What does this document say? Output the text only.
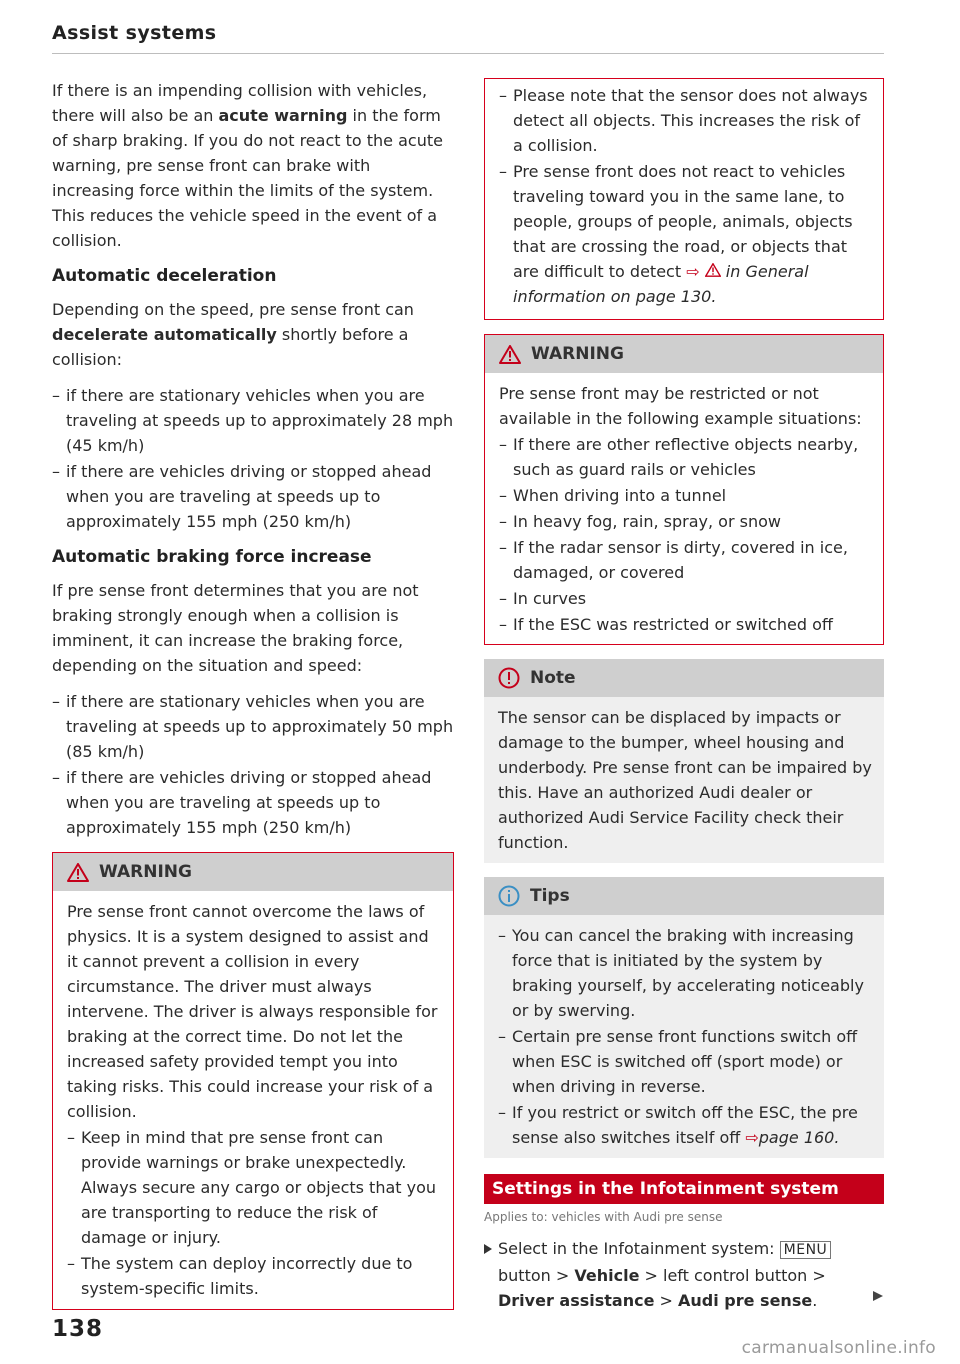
Assist systems

If there is an impending collision with vehicles, there will also be an acute warning in the form of sharp braking. If you do not react to the acute warning, pre sense front can brake with increasing force within the limits of the system. This reduces the vehicle speed in the event of a collision.

Automatic deceleration

Depending on the speed, pre sense front can decelerate automatically shortly before a collision:

– if there are stationary vehicles when you are traveling at speeds up to approximately 28 mph (45 km/h)
– if there are vehicles driving or stopped ahead when you are traveling at speeds up to approximately 155 mph (250 km/h)
Automatic braking force increase

If pre sense front determines that you are not braking strongly enough when a collision is imminent, it can increase the braking force, depending on the situation and speed:

– if there are stationary vehicles when you are traveling at speeds up to approximately 50 mph (85 km/h)
– if there are vehicles driving or stopped ahead when you are traveling at speeds up to approximately 155 mph (250 km/h)
WARNING

Pre sense front cannot overcome the laws of physics. It is a system designed to assist and it cannot prevent a collision in every circumstance. The driver must always intervene. The driver is always responsible for braking at the correct time. Do not let the increased safety provided tempt you into taking risks. This could increase your risk of a collision.

– Keep in mind that pre sense front can provide warnings or brake unexpectedly. Always secure any cargo or objects that you are transporting to reduce the risk of damage or injury.
– The system can deploy incorrectly due to system-specific limits.
– Please note that the sensor does not always detect all objects. This increases the risk of a collision.
– Pre sense front does not react to vehicles traveling toward you in the same lane, to people, groups of people, animals, objects that are crossing the road, or objects that are difficult to detect ⇨  in General information on page 130.
WARNING

Pre sense front may be restricted or not available in the following example situations:

– If there are other reflective objects nearby, such as guard rails or vehicles
– When driving into a tunnel
– In heavy fog, rain, spray, or snow
– If the radar sensor is dirty, covered in ice, damaged, or covered
– In curves
– If the ESC was restricted or switched off
Note

The sensor can be displaced by impacts or damage to the bumper, wheel housing and underbody. Pre sense front can be impaired by this. Have an authorized Audi dealer or authorized Audi Service Facility check their function.

Tips
– You can cancel the braking with increasing force that is initiated by the system by braking yourself, by accelerating noticeably or by swerving.
– Certain pre sense front functions switch off when ESC is switched off (sport mode) or when driving in reverse.
– If you restrict or switch off the ESC, the pre sense also switches itself off ⇨page 160.
Settings in the Infotainment system
Applies to: vehicles with Audi pre sense
Select in the Infotainment system: MENU button > Vehicle > left control button > Driver assistance > Audi pre sense.
138
carmanualsonline.info
